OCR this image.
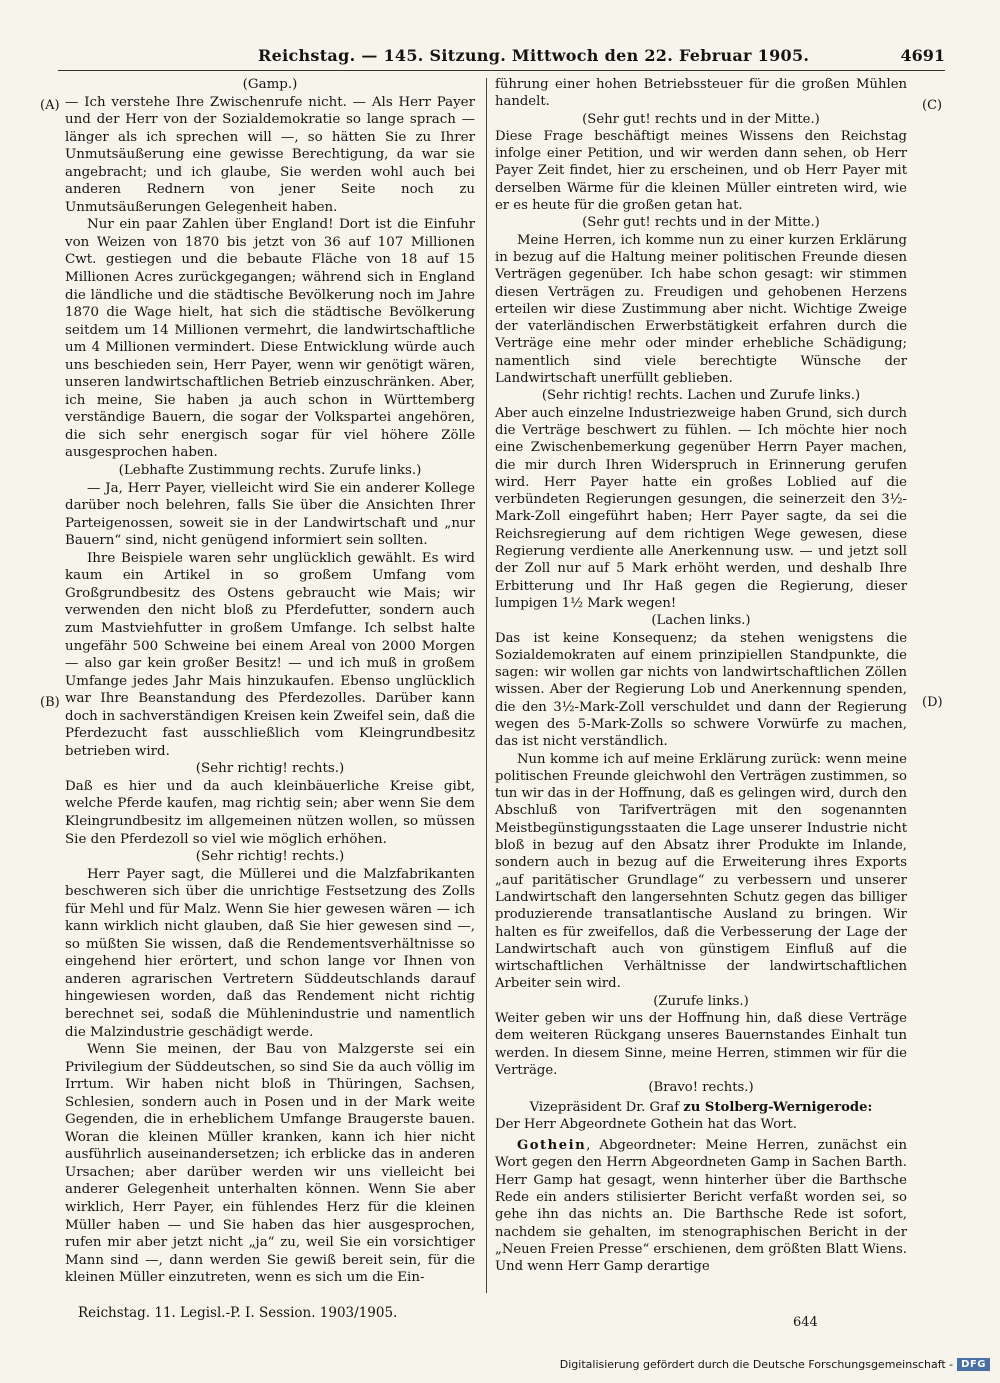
Reichstag. — 145. Sitzung. Mittwoch den 22. Februar 1905.	4691
(A)
(B)
(C)
(D)

(Gamp.)

— Ich verstehe Ihre Zwischenrufe nicht. — Als Herr Payer und der Herr von der Sozialdemokratie so lange sprach — länger als ich sprechen will —, so hätten Sie zu Ihrer Unmutsäußerung eine gewisse Berechtigung, da war sie angebracht; und ich glaube, Sie werden wohl auch bei anderen Rednern von jener Seite noch zu Unmutsäußerungen Gelegenheit haben.

Nur ein paar Zahlen über England! Dort ist die Einfuhr von Weizen von 1870 bis jetzt von 36 auf 107 Millionen Cwt. gestiegen und die bebaute Fläche von 18 auf 15 Millionen Acres zurückgegangen; während sich in England die ländliche und die städtische Bevölkerung noch im Jahre 1870 die Wage hielt, hat sich die städtische Bevölkerung seitdem um 14 Millionen vermehrt, die landwirtschaftliche um 4 Millionen vermindert. Diese Entwicklung würde auch uns beschieden sein, Herr Payer, wenn wir genötigt wären, unseren landwirtschaftlichen Betrieb einzuschränken. Aber, ich meine, Sie haben ja auch schon in Württemberg verständige Bauern, die sogar der Volkspartei angehören, die sich sehr energisch sogar für viel höhere Zölle ausgesprochen haben.

(Lebhafte Zustimmung rechts. Zurufe links.)

— Ja, Herr Payer, vielleicht wird Sie ein anderer Kollege darüber noch belehren, falls Sie über die Ansichten Ihrer Parteigenossen, soweit sie in der Landwirtschaft und „nur Bauern“ sind, nicht genügend informiert sein sollten.

Ihre Beispiele waren sehr unglücklich gewählt. Es wird kaum ein Artikel in so großem Umfang vom Großgrundbesitz des Ostens gebraucht wie Mais; wir verwenden den nicht bloß zu Pferdefutter, sondern auch zum Mastviehfutter in großem Umfange. Ich selbst halte ungefähr 500 Schweine bei einem Areal von 2000 Morgen — also gar kein großer Besitz! — und ich muß in großem Umfange jedes Jahr Mais hinzukaufen. Ebenso unglücklich war Ihre Beanstandung des Pferdezolles. Darüber kann doch in sachverständigen Kreisen kein Zweifel sein, daß die Pferdezucht fast ausschließlich vom Kleingrundbesitz betrieben wird.

(Sehr richtig! rechts.)

Daß es hier und da auch kleinbäuerliche Kreise gibt, welche Pferde kaufen, mag richtig sein; aber wenn Sie dem Kleingrundbesitz im allgemeinen nützen wollen, so müssen Sie den Pferdezoll so viel wie möglich erhöhen.

(Sehr richtig! rechts.)

Herr Payer sagt, die Müllerei und die Malzfabrikanten beschweren sich über die unrichtige Festsetzung des Zolls für Mehl und für Malz. Wenn Sie hier gewesen wären — ich kann wirklich nicht glauben, daß Sie hier gewesen sind —, so müßten Sie wissen, daß die Rendementsverhältnisse so eingehend hier erörtert, und schon lange vor Ihnen von anderen agrarischen Vertretern Süddeutschlands darauf hingewiesen worden, daß das Rendement nicht richtig berechnet sei, sodaß die Mühlenindustrie und namentlich die Malzindustrie geschädigt werde.

Wenn Sie meinen, der Bau von Malzgerste sei ein Privilegium der Süddeutschen, so sind Sie da auch völlig im Irrtum. Wir haben nicht bloß in Thüringen, Sachsen, Schlesien, sondern auch in Posen und in der Mark weite Gegenden, die in erheblichem Umfange Braugerste bauen. Woran die kleinen Müller kranken, kann ich hier nicht ausführlich auseinandersetzen; ich erblicke das in anderen Ursachen; aber darüber werden wir uns vielleicht bei anderer Gelegenheit unterhalten können. Wenn Sie aber wirklich, Herr Payer, ein fühlendes Herz für die kleinen Müller haben — und Sie haben das hier ausgesprochen, rufen mir aber jetzt nicht „ja“ zu, weil Sie ein vorsichtiger Mann sind —, dann werden Sie gewiß bereit sein, für die kleinen Müller einzutreten, wenn es sich um die Ein-

führung einer hohen Betriebssteuer für die großen Mühlen handelt.

(Sehr gut! rechts und in der Mitte.)

Diese Frage beschäftigt meines Wissens den Reichstag infolge einer Petition, und wir werden dann sehen, ob Herr Payer Zeit findet, hier zu erscheinen, und ob Herr Payer mit derselben Wärme für die kleinen Müller eintreten wird, wie er es heute für die großen getan hat.

(Sehr gut! rechts und in der Mitte.)

Meine Herren, ich komme nun zu einer kurzen Erklärung in bezug auf die Haltung meiner politischen Freunde diesen Verträgen gegenüber. Ich habe schon gesagt: wir stimmen diesen Verträgen zu. Freudigen und gehobenen Herzens erteilen wir diese Zustimmung aber nicht. Wichtige Zweige der vaterländischen Erwerbstätigkeit erfahren durch die Verträge eine mehr oder minder erhebliche Schädigung; namentlich sind viele berechtigte Wünsche der Landwirtschaft unerfüllt geblieben.

(Sehr richtig! rechts. Lachen und Zurufe links.)

Aber auch einzelne Industriezweige haben Grund, sich durch die Verträge beschwert zu fühlen. — Ich möchte hier noch eine Zwischenbemerkung gegenüber Herrn Payer machen, die mir durch Ihren Widerspruch in Erinnerung gerufen wird. Herr Payer hatte ein großes Loblied auf die verbündeten Regierungen gesungen, die seinerzeit den 3½-Mark-Zoll eingeführt haben; Herr Payer sagte, da sei die Reichsregierung auf dem richtigen Wege gewesen, diese Regierung verdiente alle Anerkennung usw. — und jetzt soll der Zoll nur auf 5 Mark erhöht werden, und deshalb Ihre Erbitterung und Ihr Haß gegen die Regierung, dieser lumpigen 1½ Mark wegen!

(Lachen links.)

Das ist keine Konsequenz; da stehen wenigstens die Sozialdemokraten auf einem prinzipiellen Standpunkte, die sagen: wir wollen gar nichts von landwirtschaftlichen Zöllen wissen. Aber der Regierung Lob und Anerkennung spenden, die den 3½-Mark-Zoll verschuldet und dann der Regierung wegen des 5-Mark-Zolls so schwere Vorwürfe zu machen, das ist nicht verständlich.

Nun komme ich auf meine Erklärung zurück: wenn meine politischen Freunde gleichwohl den Verträgen zustimmen, so tun wir das in der Hoffnung, daß es gelingen wird, durch den Abschluß von Tarifverträgen mit den sogenannten Meistbegünstigungsstaaten die Lage unserer Industrie nicht bloß in bezug auf den Absatz ihrer Produkte im Inlande, sondern auch in bezug auf die Erweiterung ihres Exports „auf paritätischer Grundlage“ zu verbessern und unserer Landwirtschaft den langersehnten Schutz gegen das billiger produzierende transatlantische Ausland zu bringen. Wir halten es für zweifellos, daß die Verbesserung der Lage der Landwirtschaft auch von günstigem Einfluß auf die wirtschaftlichen Verhältnisse der landwirtschaftlichen Arbeiter sein wird.

(Zurufe links.)

Weiter geben wir uns der Hoffnung hin, daß diese Verträge dem weiteren Rückgang unseres Bauernstandes Einhalt tun werden. In diesem Sinne, meine Herren, stimmen wir für die Verträge.

(Bravo! rechts.)

Vizepräsident Dr. Graf zu Stolberg-Wernigerode:

Der Herr Abgeordnete Gothein hat das Wort.

Gothein, Abgeordneter: Meine Herren, zunächst ein Wort gegen den Herrn Abgeordneten Gamp in Sachen Barth. Herr Gamp hat gesagt, wenn hinterher über die Barthsche Rede ein anders stilisierter Bericht verfaßt worden sei, so gehe ihn das nichts an. Die Barthsche Rede ist sofort, nachdem sie gehalten, im stenographischen Bericht in der „Neuen Freien Presse“ erschienen, dem größten Blatt Wiens. Und wenn Herr Gamp derartige

Reichstag. 11. Legisl.-P. I. Session. 1903/1905.
644
Digitalisierung gefördert durch die Deutsche Forschungsgemeinschaft - DFG
